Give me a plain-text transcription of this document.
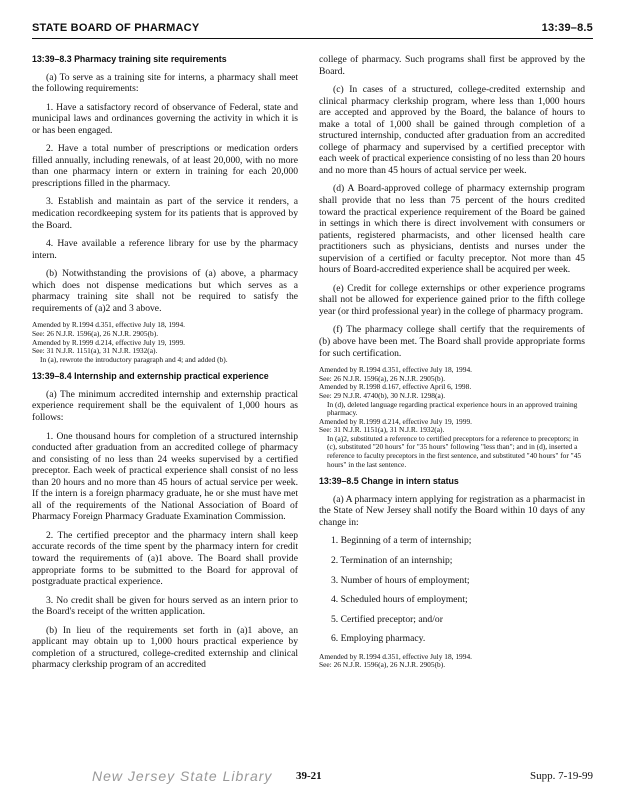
STATE BOARD OF PHARMACY	13:39–8.5
13:39–8.3 Pharmacy training site requirements

(a) To serve as a training site for interns, a pharmacy shall meet the following requirements:

1. Have a satisfactory record of observance of Federal, state and municipal laws and ordinances governing the activity in which it is or has been engaged.

2. Have a total number of prescriptions or medication orders filled annually, including renewals, of at least 20,000, with no more than one pharmacy intern or extern in training for each 20,000 prescriptions filled in the pharmacy.

3. Establish and maintain as part of the service it renders, a medication recordkeeping system for its patients that is approved by the Board.

4. Have available a reference library for use by the pharmacy intern.

(b) Notwithstanding the provisions of (a) above, a pharmacy which does not dispense medications but which serves as a pharmacy training site shall not be required to satisfy the requirements of (a)2 and 3 above.

Amended by R.1994 d.351, effective July 18, 1994.
See: 26 N.J.R. 1596(a), 26 N.J.R. 2905(b).
Amended by R.1999 d.214, effective July 19, 1999.
See: 31 N.J.R. 1151(a), 31 N.J.R. 1932(a).
In (a), rewrote the introductory paragraph and 4; and added (b).
13:39–8.4 Internship and externship practical experience

(a) The minimum accredited internship and externship practical experience requirement shall be the equivalent of 1,000 hours as follows:

1. One thousand hours for completion of a structured internship conducted after graduation from an accredited college of pharmacy and consisting of no less than 24 weeks supervised by a certified preceptor. Each week of practical experience shall consist of no less than 20 hours and no more than 45 hours of actual service per week. If the intern is a foreign pharmacy graduate, he or she must have met all of the requirements of the National Association of Board of Pharmacy Foreign Pharmacy Graduate Examination Commission.

2. The certified preceptor and the pharmacy intern shall keep accurate records of the time spent by the pharmacy intern for credit toward the requirements of (a)1 above. The Board shall provide appropriate forms to be submitted to the Board for approval of postgraduate practical experience.

3. No credit shall be given for hours served as an intern prior to the Board's receipt of the written application.

(b) In lieu of the requirements set forth in (a)1 above, an applicant may obtain up to 1,000 hours practical experience by completion of a structured, college-credited externship and clinical pharmacy clerkship program of an accredited

college of pharmacy. Such programs shall first be approved by the Board.

(c) In cases of a structured, college-credited externship and clinical pharmacy clerkship program, where less than 1,000 hours are accepted and approved by the Board, the balance of hours to make a total of 1,000 shall be gained through completion of a structured internship, conducted after graduation from an accredited college of pharmacy and supervised by a certified preceptor with each week of practical experience consisting of no less than 20 hours and no more than 45 hours of actual service per week.

(d) A Board-approved college of pharmacy externship program shall provide that no less than 75 percent of the hours credited toward the practical experience requirement of the Board be gained in settings in which there is direct involvement with consumers or patients, registered pharmacists, and other licensed health care practitioners such as physicians, dentists and nurses under the supervision of a certified or faculty preceptor. Not more than 45 hours of Board-accredited experience shall be acquired per week.

(e) Credit for college externships or other experience programs shall not be allowed for experience gained prior to the fifth college year (or third professional year) in the college of pharmacy program.

(f) The pharmacy college shall certify that the requirements of (b) above have been met. The Board shall provide appropriate forms for such certification.

Amended by R.1994 d.351, effective July 18, 1994.
See: 26 N.J.R. 1596(a), 26 N.J.R. 2905(b).
Amended by R.1998 d.167, effective April 6, 1998.
See: 29 N.J.R. 4740(b), 30 N.J.R. 1298(a).
In (d), deleted language regarding practical experience hours in an approved training pharmacy.
Amended by R.1999 d.214, effective July 19, 1999.
See: 31 N.J.R. 1151(a), 31 N.J.R. 1932(a).
In (a)2, substituted a reference to certified preceptors for a reference to preceptors; in (c), substituted "20 hours" for "35 hours" following "less than"; and in (d), inserted a reference to faculty preceptors in the first sentence, and substituted "40 hours" for "45 hours" in the last sentence.
13:39–8.5 Change in intern status

(a) A pharmacy intern applying for registration as a pharmacist in the State of New Jersey shall notify the Board within 10 days of any change in:

1. Beginning of a term of internship;
2. Termination of an internship;
3. Number of hours of employment;
4. Scheduled hours of employment;
5. Certified preceptor; and/or
6. Employing pharmacy.
Amended by R.1994 d.351, effective July 18, 1994.
See: 26 N.J.R. 1596(a), 26 N.J.R. 2905(b).
New Jersey State Library 39-21	Supp. 7-19-99
